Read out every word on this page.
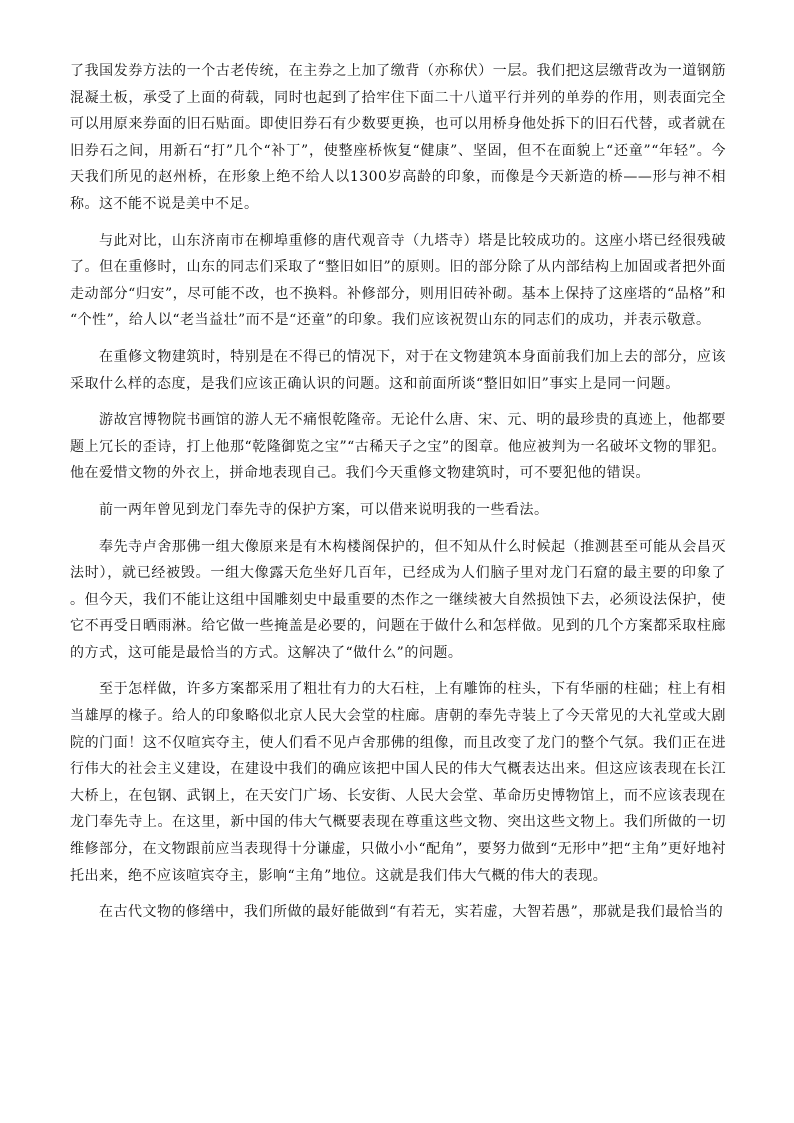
了我国发券方法的一个古老传统，在主券之上加了缴背（亦称伏）一层。我们把这层缴背改为一道钢筋混凝土板，承受了上面的荷载，同时也起到了拾牢住下面二十八道平行并列的单券的作用，则表面完全可以用原来券面的旧石贴面。即使旧券石有少数要更换，也可以用桥身他处拆下的旧石代替，或者就在旧券石之间，用新石“打”几个“补丁”，使整座桥恢复“健康”、坚固，但不在面貌上“还童”“年轻”。今天我们所见的赵州桥，在形象上绝不给人以1300岁高龄的印象，而像是今天新造的桥——形与神不相称。这不能不说是美中不足。

与此对比，山东济南市在柳埠重修的唐代观音寺（九塔寺）塔是比较成功的。这座小塔已经很残破了。但在重修时，山东的同志们采取了“整旧如旧”的原则。旧的部分除了从内部结构上加固或者把外面走动部分“归安”，尽可能不改，也不换料。补修部分，则用旧砖补砌。基本上保持了这座塔的“品格”和“个性”，给人以“老当益壮”而不是“还童”的印象。我们应该祝贺山东的同志们的成功，并表示敬意。

在重修文物建筑时，特别是在不得已的情况下，对于在文物建筑本身面前我们加上去的部分，应该采取什么样的态度，是我们应该正确认识的问题。这和前面所谈“整旧如旧”事实上是同一问题。

游故宫博物院书画馆的游人无不痛恨乾隆帝。无论什么唐、宋、元、明的最珍贵的真迹上，他都要题上冗长的歪诗，打上他那“乾隆御览之宝”“古稀天子之宝”的图章。他应被判为一名破坏文物的罪犯。他在爱惜文物的外衣上，拼命地表现自己。我们今天重修文物建筑时，可不要犯他的错误。

前一两年曾见到龙门奉先寺的保护方案，可以借来说明我的一些看法。

奉先寺卢舍那佛一组大像原来是有木构楼阁保护的，但不知从什么时候起（推测甚至可能从会昌灭法时），就已经被毁。一组大像露天危坐好几百年，已经成为人们脑子里对龙门石窟的最主要的印象了。但今天，我们不能让这组中国雕刻史中最重要的杰作之一继续被大自然损蚀下去，必须设法保护，使它不再受日晒雨淋。给它做一些掩盖是必要的，问题在于做什么和怎样做。见到的几个方案都采取柱廊的方式，这可能是最恰当的方式。这解决了“做什么”的问题。

至于怎样做，许多方案都采用了粗壮有力的大石柱，上有雕饰的柱头，下有华丽的柱础；柱上有相当雄厚的椽子。给人的印象略似北京人民大会堂的柱廊。唐朝的奉先寺装上了今天常见的大礼堂或大剧院的门面！这不仅喧宾夺主，使人们看不见卢舍那佛的组像，而且改变了龙门的整个气氛。我们正在进行伟大的社会主义建设，在建设中我们的确应该把中国人民的伟大气概表达出来。但这应该表现在长江大桥上，在包钢、武钢上，在天安门广场、长安街、人民大会堂、革命历史博物馆上，而不应该表现在龙门奉先寺上。在这里，新中国的伟大气概要表现在尊重这些文物、突出这些文物上。我们所做的一切维修部分，在文物跟前应当表现得十分谦虚，只做小小“配角”，要努力做到“无形中”把“主角”更好地衬托出来，绝不应该喧宾夺主，影响“主角”地位。这就是我们伟大气概的伟大的表现。

在古代文物的修缮中，我们所做的最好能做到“有若无，实若虚，大智若愚”，那就是我们最恰当的
